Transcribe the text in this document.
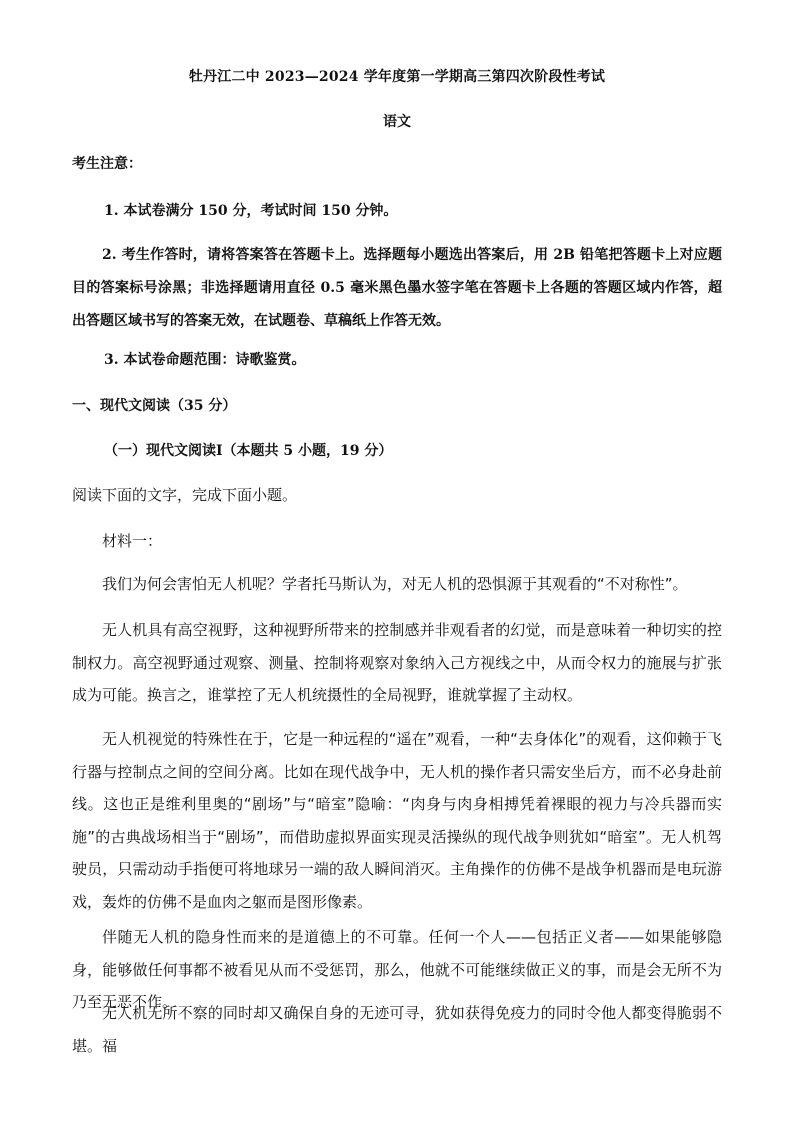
牡丹江二中 2023—2024 学年度第一学期高三第四次阶段性考试
语文
考生注意：
1. 本试卷满分 150 分，考试时间 150 分钟。

2. 考生作答时，请将答案答在答题卡上。选择题每小题选出答案后，用 2B 铅笔把答题卡上对应题目的答案标号涂黑；非选择题请用直径 0.5 毫米黑色墨水签字笔在答题卡上各题的答题区域内作答，超出答题区域书写的答案无效，在试题卷、草稿纸上作答无效。

3. 本试卷命题范围：诗歌鉴赏。
一、现代文阅读（35 分）
（一）现代文阅读Ⅰ（本题共 5 小题，19 分）
阅读下面的文字，完成下面小题。
材料一：

我们为何会害怕无人机呢？学者托马斯认为，对无人机的恐惧源于其观看的“不对称性”。

无人机具有高空视野，这种视野所带来的控制感并非观看者的幻觉，而是意味着一种切实的控制权力。高空视野通过观察、测量、控制将观察对象纳入己方视线之中，从而令权力的施展与扩张成为可能。换言之，谁掌控了无人机统摄性的全局视野，谁就掌握了主动权。

无人机视觉的特殊性在于，它是一种远程的“遥在”观看，一种“去身体化”的观看，这仰赖于飞行器与控制点之间的空间分离。比如在现代战争中，无人机的操作者只需安坐后方，而不必身赴前线。这也正是维利里奥的“剧场”与“暗室”隐喻：“肉身与肉身相搏凭着裸眼的视力与冷兵器而实施”的古典战场相当于“剧场”，而借助虚拟界面实现灵活操纵的现代战争则犹如“暗室”。无人机驾驶员，只需动动手指便可将地球另一端的敌人瞬间消灭。主角操作的仿佛不是战争机器而是电玩游戏，轰炸的仿佛不是血肉之躯而是图形像素。

伴随无人机的隐身性而来的是道德上的不可靠。任何一个人——包括正义者——如果能够隐身，能够做任何事都不被看见从而不受惩罚，那么，他就不可能继续做正义的事，而是会无所不为乃至无恶不作。

无人机无所不察的同时却又确保自身的无迹可寻，犹如获得免疫力的同时令他人都变得脆弱不堪。福
